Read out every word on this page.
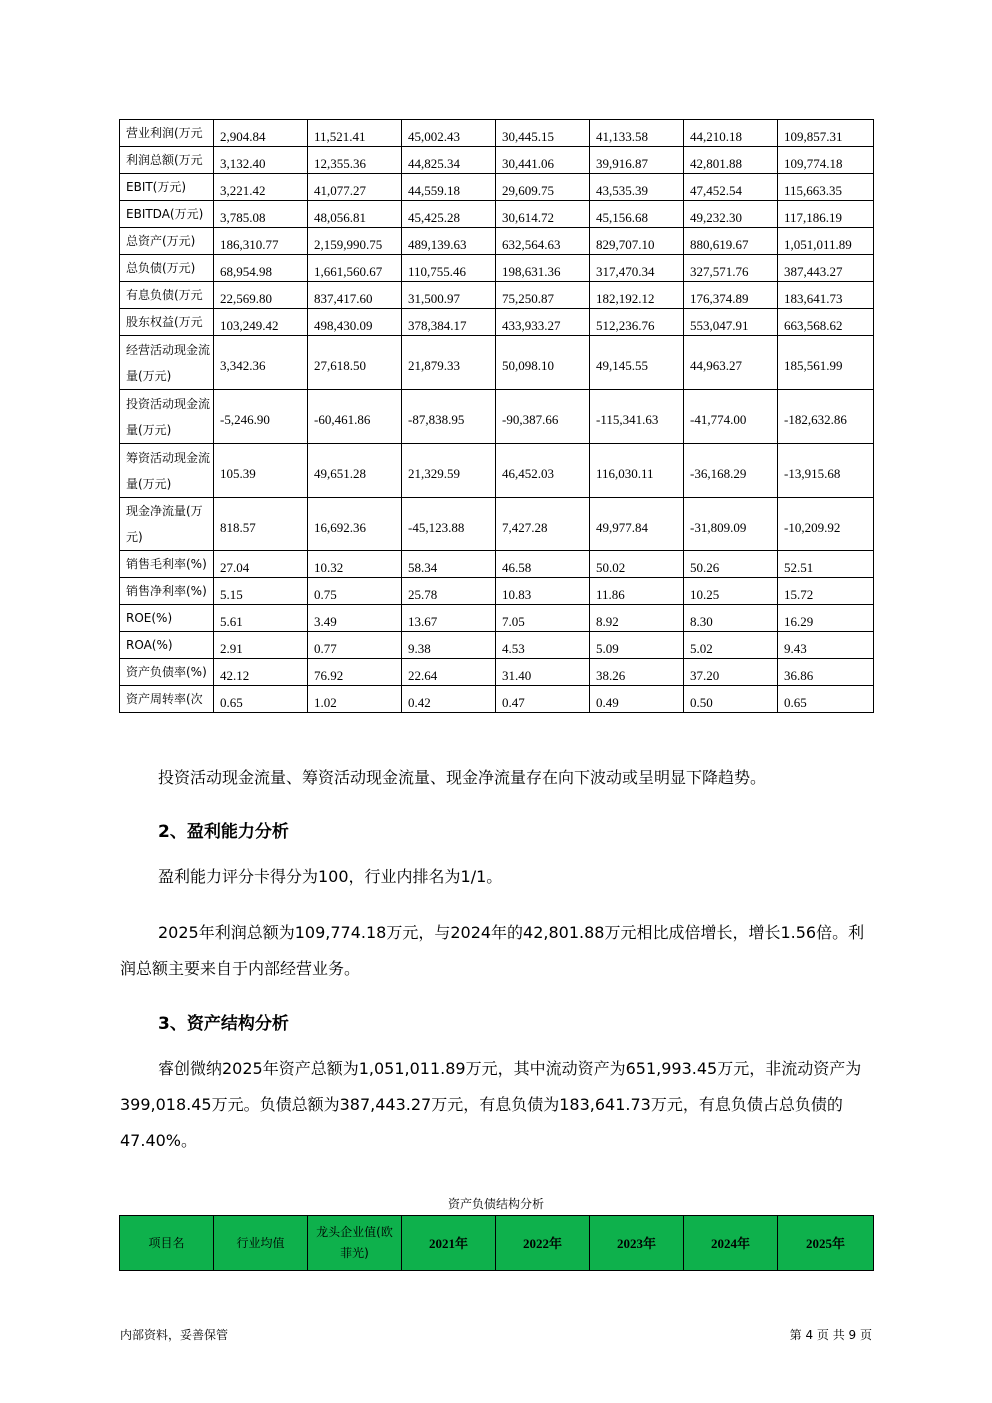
营业利润(万元	2,904.84	11,521.41	45,002.43	30,445.15	41,133.58	44,210.18	109,857.31
利润总额(万元	3,132.40	12,355.36	44,825.34	30,441.06	39,916.87	42,801.88	109,774.18
EBIT(万元)	3,221.42	41,077.27	44,559.18	29,609.75	43,535.39	47,452.54	115,663.35
EBITDA(万元)	3,785.08	48,056.81	45,425.28	30,614.72	45,156.68	49,232.30	117,186.19
总资产(万元)	186,310.77	2,159,990.75	489,139.63	632,564.63	829,707.10	880,619.67	1,051,011.89
总负债(万元)	68,954.98	1,661,560.67	110,755.46	198,631.36	317,470.34	327,571.76	387,443.27
有息负债(万元	22,569.80	837,417.60	31,500.97	75,250.87	182,192.12	176,374.89	183,641.73
股东权益(万元	103,249.42	498,430.09	378,384.17	433,933.27	512,236.76	553,047.91	663,568.62
经营活动现金流量(万元)	3,342.36	27,618.50	21,879.33	50,098.10	49,145.55	44,963.27	185,561.99
投资活动现金流量(万元)	-5,246.90	-60,461.86	-87,838.95	-90,387.66	-115,341.63	-41,774.00	-182,632.86
筹资活动现金流量(万元)	105.39	49,651.28	21,329.59	46,452.03	116,030.11	-36,168.29	-13,915.68
现金净流量(万元)	818.57	16,692.36	-45,123.88	7,427.28	49,977.84	-31,809.09	-10,209.92
销售毛利率(%)	27.04	10.32	58.34	46.58	50.02	50.26	52.51
销售净利率(%)	5.15	0.75	25.78	10.83	11.86	10.25	15.72
ROE(%)	5.61	3.49	13.67	7.05	8.92	8.30	16.29
ROA(%)	2.91	0.77	9.38	4.53	5.09	5.02	9.43
资产负债率(%)	42.12	76.92	22.64	31.40	38.26	37.20	36.86
资产周转率(次	0.65	1.02	0.42	0.47	0.49	0.50	0.65

投资活动现金流量、筹资活动现金流量、现金净流量存在向下波动或呈明显下降趋势。

2、盈利能力分析

盈利能力评分卡得分为100，行业内排名为1/1。

2025年利润总额为109,774.18万元，与2024年的42,801.88万元相比成倍增长，增长1.56倍。利润总额主要来自于内部经营业务。

3、资产结构分析

睿创微纳2025年资产总额为1,051,011.89万元，其中流动资产为651,993.45万元，非流动资产为399,018.45万元。负债总额为387,443.27万元，有息负债为183,641.73万元，有息负债占总负债的47.40%。

资产负债结构分析
项目名	行业均值	龙头企业值(欧菲光)	2021年	2022年	2023年	2024年	2025年
内部资料，妥善保管	第 4 页 共 9 页
